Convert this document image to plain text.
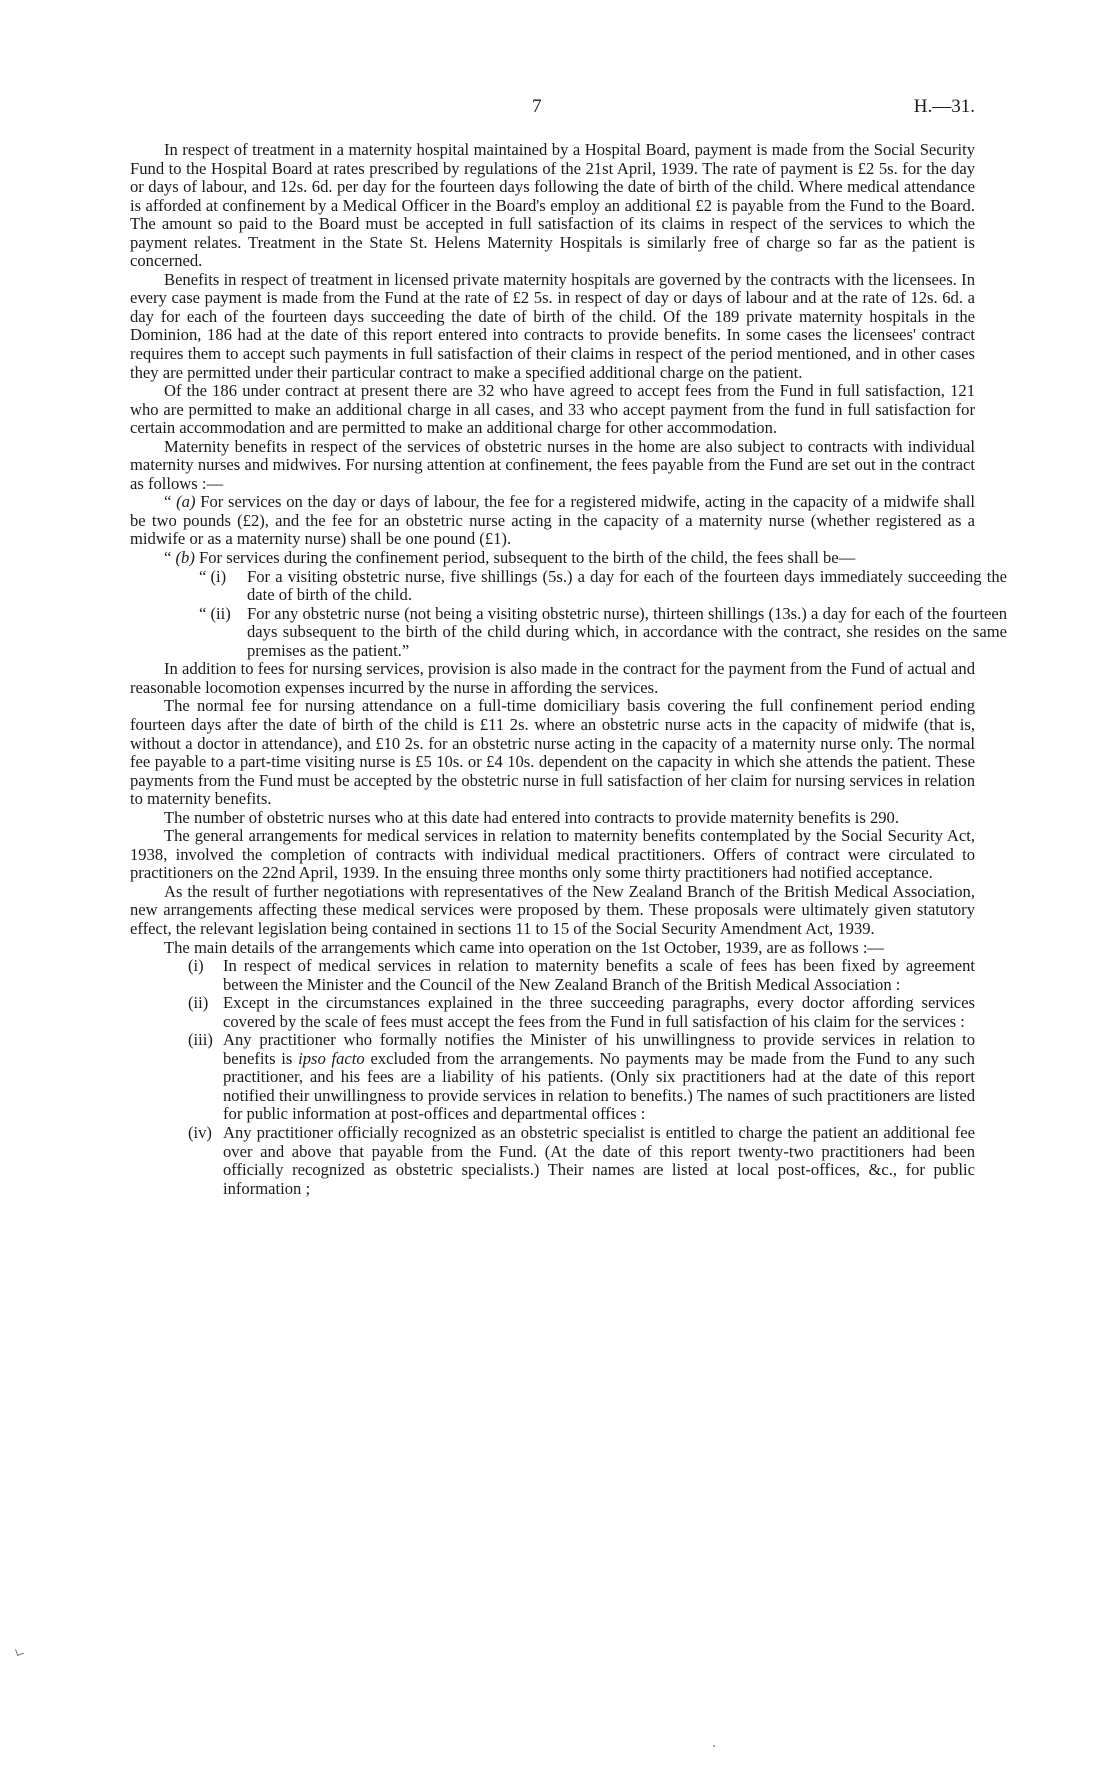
7	H.—31.

In respect of treatment in a maternity hospital maintained by a Hospital Board, payment is made from the Social Security Fund to the Hospital Board at rates prescribed by regulations of the 21st April, 1939. The rate of payment is £2 5s. for the day or days of labour, and 12s. 6d. per day for the fourteen days following the date of birth of the child. Where medical attendance is afforded at confinement by a Medical Officer in the Board's employ an additional £2 is payable from the Fund to the Board. The amount so paid to the Board must be accepted in full satisfaction of its claims in respect of the services to which the payment relates. Treatment in the State St. Helens Maternity Hospitals is similarly free of charge so far as the patient is concerned.

Benefits in respect of treatment in licensed private maternity hospitals are governed by the contracts with the licensees. In every case payment is made from the Fund at the rate of £2 5s. in respect of day or days of labour and at the rate of 12s. 6d. a day for each of the fourteen days succeeding the date of birth of the child. Of the 189 private maternity hospitals in the Dominion, 186 had at the date of this report entered into contracts to provide benefits. In some cases the licensees' contract requires them to accept such payments in full satisfaction of their claims in respect of the period mentioned, and in other cases they are permitted under their particular contract to make a specified additional charge on the patient.

Of the 186 under contract at present there are 32 who have agreed to accept fees from the Fund in full satisfaction, 121 who are permitted to make an additional charge in all cases, and 33 who accept payment from the fund in full satisfaction for certain accommodation and are permitted to make an additional charge for other accommodation.

Maternity benefits in respect of the services of obstetric nurses in the home are also subject to contracts with individual maternity nurses and midwives. For nursing attention at confinement, the fees payable from the Fund are set out in the contract as follows :—

“ (a) For services on the day or days of labour, the fee for a registered midwife, acting in the capacity of a midwife shall be two pounds (£2), and the fee for an obstetric nurse acting in the capacity of a maternity nurse (whether registered as a midwife or as a maternity nurse) shall be one pound (£1).

“ (b) For services during the confinement period, subsequent to the birth of the child, the fees shall be—

“ (i) For a visiting obstetric nurse, five shillings (5s.) a day for each of the fourteen days immediately succeeding the date of birth of the child.
“ (ii) For any obstetric nurse (not being a visiting obstetric nurse), thirteen shillings (13s.) a day for each of the fourteen days subsequent to the birth of the child during which, in accordance with the contract, she resides on the same premises as the patient.”

In addition to fees for nursing services, provision is also made in the contract for the payment from the Fund of actual and reasonable locomotion expenses incurred by the nurse in affording the services.

The normal fee for nursing attendance on a full-time domiciliary basis covering the full confinement period ending fourteen days after the date of birth of the child is £11 2s. where an obstetric nurse acts in the capacity of midwife (that is, without a doctor in attendance), and £10 2s. for an obstetric nurse acting in the capacity of a maternity nurse only. The normal fee payable to a part-time visiting nurse is £5 10s. or £4 10s. dependent on the capacity in which she attends the patient. These payments from the Fund must be accepted by the obstetric nurse in full satisfaction of her claim for nursing services in relation to maternity benefits.

The number of obstetric nurses who at this date had entered into contracts to provide maternity benefits is 290.

The general arrangements for medical services in relation to maternity benefits contemplated by the Social Security Act, 1938, involved the completion of contracts with individual medical practitioners. Offers of contract were circulated to practitioners on the 22nd April, 1939. In the ensuing three months only some thirty practitioners had notified acceptance.

As the result of further negotiations with representatives of the New Zealand Branch of the British Medical Association, new arrangements affecting these medical services were proposed by them. These proposals were ultimately given statutory effect, the relevant legislation being contained in sections 11 to 15 of the Social Security Amendment Act, 1939.

The main details of the arrangements which came into operation on the 1st October, 1939, are as follows :—

(i) In respect of medical services in relation to maternity benefits a scale of fees has been fixed by agreement between the Minister and the Council of the New Zealand Branch of the British Medical Association :
(ii) Except in the circumstances explained in the three succeeding paragraphs, every doctor affording services covered by the scale of fees must accept the fees from the Fund in full satisfaction of his claim for the services :
(iii) Any practitioner who formally notifies the Minister of his unwillingness to provide services in relation to benefits is ipso facto excluded from the arrangements. No payments may be made from the Fund to any such practitioner, and his fees are a liability of his patients. (Only six practitioners had at the date of this report notified their unwillingness to provide services in relation to benefits.) The names of such practitioners are listed for public information at post-offices and departmental offices :
(iv) Any practitioner officially recognized as an obstetric specialist is entitled to charge the patient an additional fee over and above that payable from the Fund. (At the date of this report twenty-two practitioners had been officially recognized as obstetric specialists.) Their names are listed at local post-offices, &c., for public information ;
